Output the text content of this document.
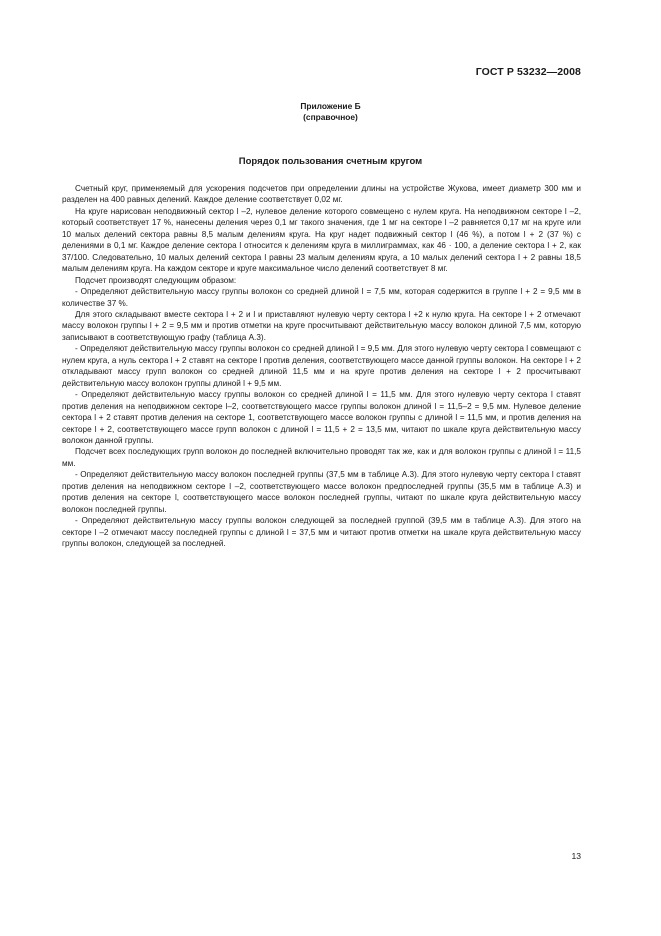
ГОСТ Р 53232—2008
Приложение Б
(справочное)
Порядок пользования счетным кругом

Счетный круг, применяемый для ускорения подсчетов при определении длины на устройстве Жукова, имеет диаметр 300 мм и разделен на 400 равных делений. Каждое деление соответствует 0,02 мг.

На круге нарисован неподвижный сектор l –2, нулевое деление которого совмещено с нулем круга. На неподвижном секторе l –2, который соответствует 17 %, нанесены деления через 0,1 мг такого значения, где 1 мг на секторе l –2 равняется 0,17 мг на круге или 10 малых делений сектора равны 8,5 малым делениям круга. На круг надет подвижный сектор l (46 %), а потом l + 2 (37 %) с делениями в 0,1 мг. Каждое деление сектора l относится к делениям круга в миллиграммах, как 46 · 100, а деление сектора l + 2, как 37/100. Следовательно, 10 малых делений сектора l равны 23 малым делениям круга, а 10 малых делений сектора l + 2 равны 18,5 малым делениям круга. На каждом секторе и круге максимальное число делений соответствует 8 мг.

Подсчет производят следующим образом:

- Определяют действительную массу группы волокон со средней длиной l = 7,5 мм, которая содержится в группе l + 2 = 9,5 мм в количестве 37 %.

Для этого складывают вместе сектора l + 2 и l и приставляют нулевую черту сектора l +2 к нулю круга. На секторе l + 2 отмечают массу волокон группы l + 2 = 9,5 мм и против отметки на круге просчитывают действительную массу волокон длиной 7,5 мм, которую записывают в соответствующую графу (таблица А.3).

- Определяют действительную массу группы волокон со средней длиной l = 9,5 мм. Для этого нулевую черту сектора l совмещают с нулем круга, а нуль сектора l + 2 ставят на секторе l против деления, соответствующего массе данной группы волокон. На секторе l + 2 откладывают массу групп волокон со средней длиной 11,5 мм и на круге против деления на секторе l + 2 просчитывают действительную массу волокон группы длиной l + 9,5 мм.

- Определяют действительную массу группы волокон со средней длиной l = 11,5 мм. Для этого нулевую черту сектора l ставят против деления на неподвижном секторе l–2, соответствующего массе группы волокон длиной l = 11,5–2 = 9,5 мм. Нулевое деление сектора l + 2 ставят против деления на секторе 1, соответствующего массе волокон группы с длиной l = 11,5 мм, и против деления на секторе l + 2, соответствующего массе групп волокон с длиной l = 11,5 + 2 = 13,5 мм, читают по шкале круга действительную массу волокон данной группы.

Подсчет всех последующих групп волокон до последней включительно проводят так же, как и для волокон группы с длиной l = 11,5 мм.

- Определяют действительную массу волокон последней группы (37,5 мм в таблице А.3). Для этого нулевую черту сектора l ставят против деления на неподвижном секторе l –2, соответствующего массе волокон предпоследней группы (35,5 мм в таблице А.3) и против деления на секторе l, соответствующего массе волокон последней группы, читают по шкале круга действительную массу волокон последней группы.

- Определяют действительную массу группы волокон следующей за последней группой (39,5 мм в таблице А.3). Для этого на секторе l –2 отмечают массу последней группы с длиной l = 37,5 мм и читают против отметки на шкале круга действительную массу группы волокон, следующей за последней.

13
